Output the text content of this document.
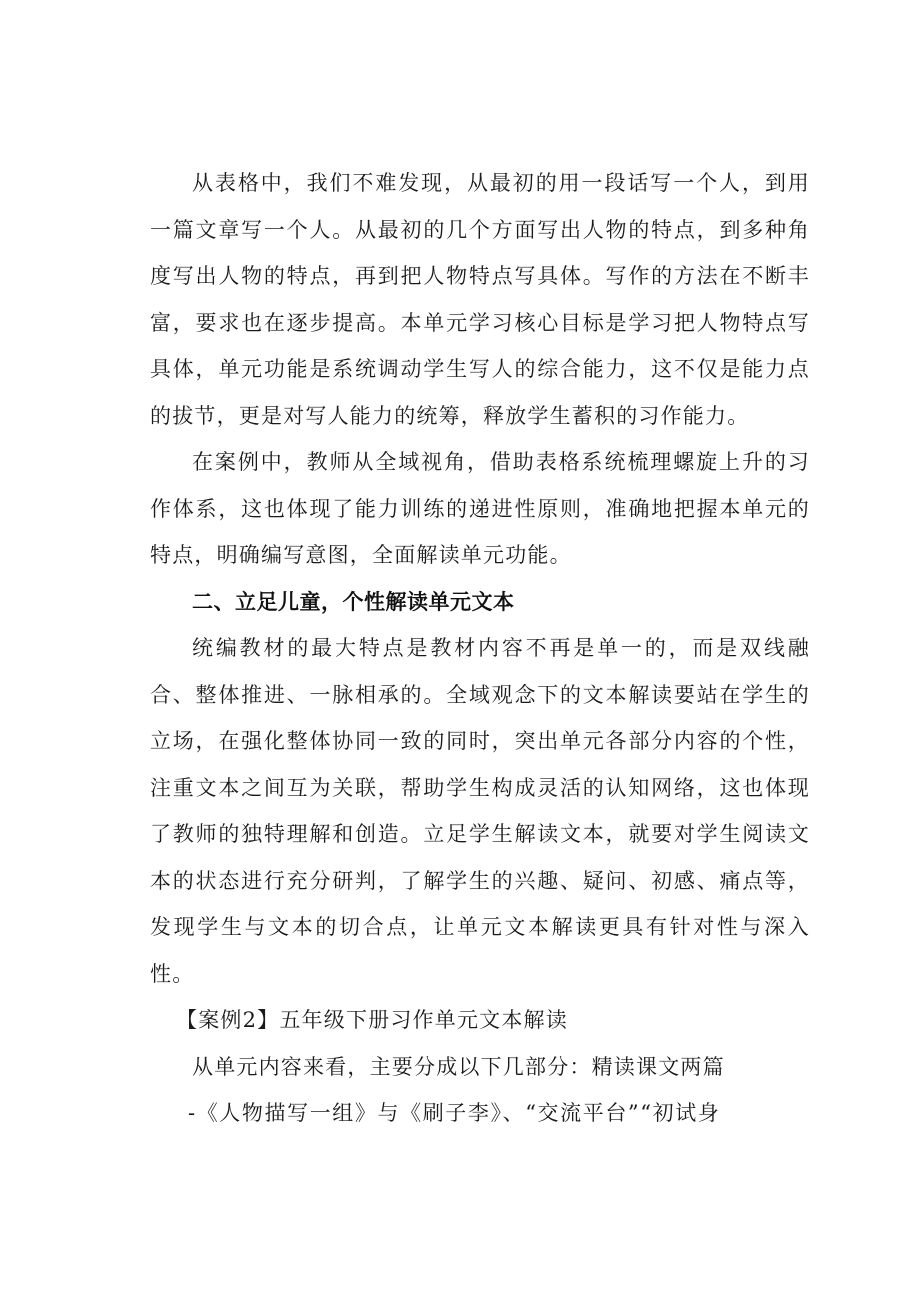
从表格中，我们不难发现，从最初的用一段话写一个人，到用一篇文章写一个人。从最初的几个方面写出人物的特点，到多种角度写出人物的特点，再到把人物特点写具体。写作的方法在不断丰富，要求也在逐步提高。本单元学习核心目标是学习把人物特点写具体，单元功能是系统调动学生写人的综合能力，这不仅是能力点的拔节，更是对写人能力的统筹，释放学生蓄积的习作能力。

在案例中，教师从全域视角，借助表格系统梳理螺旋上升的习作体系，这也体现了能力训练的递进性原则，准确地把握本单元的特点，明确编写意图，全面解读单元功能。

二、立足儿童，个性解读单元文本

统编教材的最大特点是教材内容不再是单一的，而是双线融合、整体推进、一脉相承的。全域观念下的文本解读要站在学生的立场，在强化整体协同一致的同时，突出单元各部分内容的个性，注重文本之间互为关联，帮助学生构成灵活的认知网络，这也体现了教师的独特理解和创造。立足学生解读文本，就要对学生阅读文本的状态进行充分研判，了解学生的兴趣、疑问、初感、痛点等，发现学生与文本的切合点，让单元文本解读更具有针对性与深入性。

【案例2】五年级下册习作单元文本解读

从单元内容来看，主要分成以下几部分：精读课文两篇

-《人物描写一组》与《刷子李》、“交流平台”“初试身
